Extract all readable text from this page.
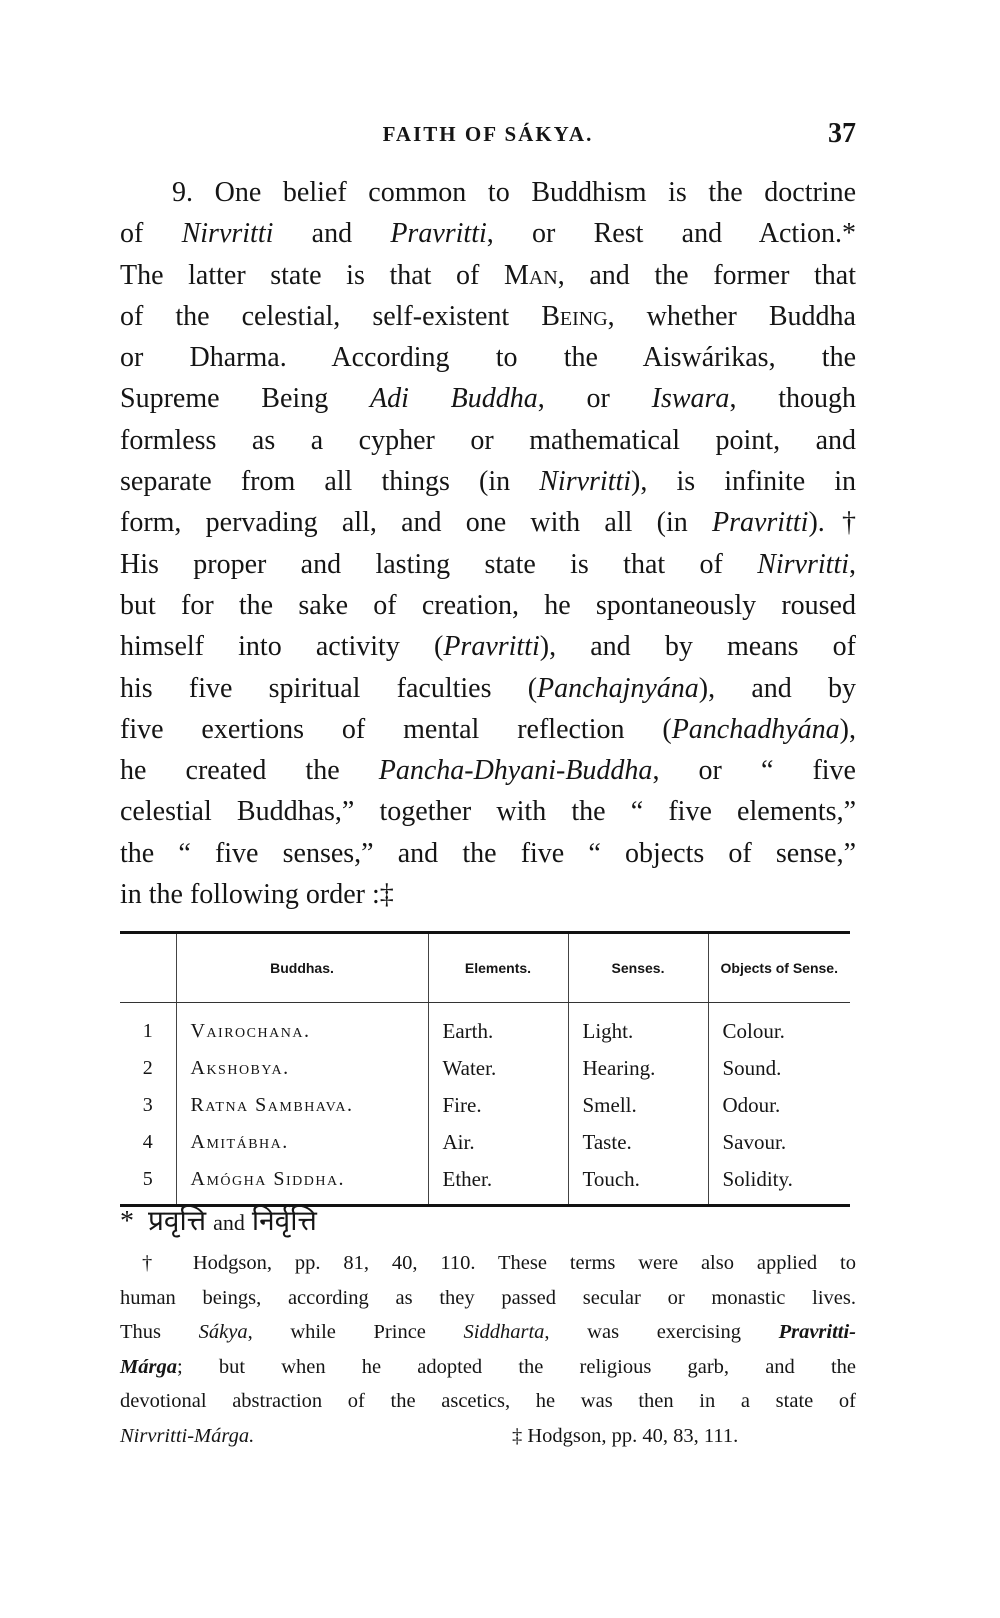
FAITH OF SÁKYA.	37
9. One belief common to Buddhism is the doctrine
of Nirvritti and Pravritti, or Rest and Action.*
The latter state is that of Man, and the former that
of the celestial, self-existent Being, whether Buddha
or Dharma. According to the Aiswárikas, the
Supreme Being Adi Buddha, or Iswara, though
formless as a cypher or mathematical point, and
separate from all things (in Nirvritti), is infinite in
form, pervading all, and one with all (in Pravritti).†
His proper and lasting state is that of Nirvritti,
but for the sake of creation, he spontaneously roused
himself into activity (Pravritti), and by means of
his five spiritual faculties (Panchajnyána), and by
five exertions of mental reflection (Panchadhyána),
he created the Pancha-Dhyani-Buddha, or “ five
celestial Buddhas,” together with the “ five elements,”
the “ five senses,” and the five “ objects of sense,”
in the following order :‡
	Buddhas.	Elements.	Senses.	Objects of Sense.
1	Vairochana.	Earth.	Light.	Colour.
2	Akshobya.	Water.	Hearing.	Sound.
3	Ratna Sambhava.	Fire.	Smell.	Odour.
4	Amitábha.	Air.	Taste.	Savour.
5	Amógha Siddha.	Ether.	Touch.	Solidity.
* प्रवृत्ति and निर्वृत्ति
† Hodgson, pp. 81, 40, 110. These terms were also applied to
human beings, according as they passed secular or monastic lives.
Thus Sákya, while Prince Siddharta, was exercising Pravritti-
Márga; but when he adopted the religious garb, and the
devotional abstraction of the ascetics, he was then in a state of
Nirvritti-Márga.	‡ Hodgson, pp. 40, 83, 111.
